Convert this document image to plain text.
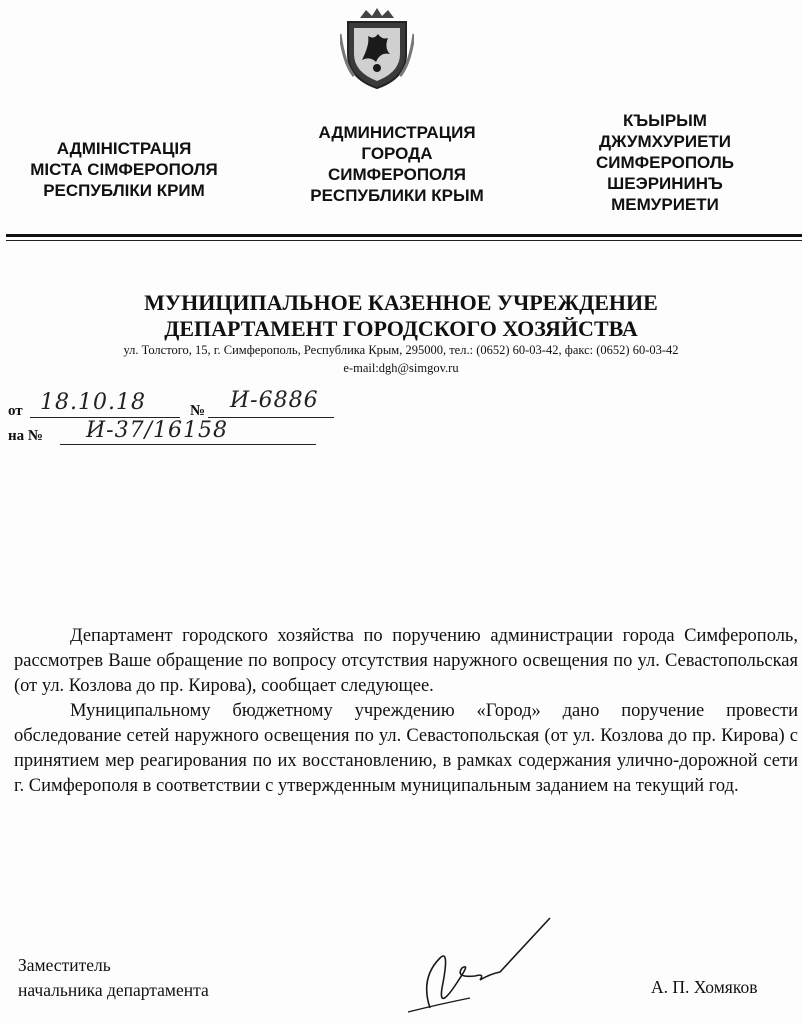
АДМІНІСТРАЦІЯ
МІСТА СІМФЕРОПОЛЯ
РЕСПУБЛІКИ КРИМ
АДМИНИСТРАЦИЯ
ГОРОДА
СИМФЕРОПОЛЯ
РЕСПУБЛИКИ КРЫМ
КЪЫРЫМ
ДЖУМХУРИЕТИ
СИМФЕРОПОЛЬ
ШЕЭРИНИНЪ
МЕМУРИЕТИ
МУНИЦИПАЛЬНОЕ КАЗЕННОЕ УЧРЕЖДЕНИЕ
ДЕПАРТАМЕНТ ГОРОДСКОГО ХОЗЯЙСТВА
ул. Толстого, 15, г. Симферополь, Республика Крым, 295000, тел.: (0652) 60-03-42, факс: (0652) 60-03-42
e-mail:dgh@simgov.ru
от 18.10.18	№ И-6886
на № И-37/16158

Департамент городского хозяйства по поручению администрации города Симферополь, рассмотрев Ваше обращение по вопросу отсутствия наружного освещения по ул. Севастопольская (от ул. Козлова до пр. Кирова), сообщает следующее.

Муниципальному бюджетному учреждению «Город» дано поручение провести обследование сетей наружного освещения по ул. Севастопольская (от ул. Козлова до пр. Кирова) с принятием мер реагирования по их восстановлению, в рамках содержания улично-дорожной сети г. Симферополя в соответствии с утвержденным муниципальным заданием на текущий год.

Заместитель
начальника департамента	А. П. Хомяков
